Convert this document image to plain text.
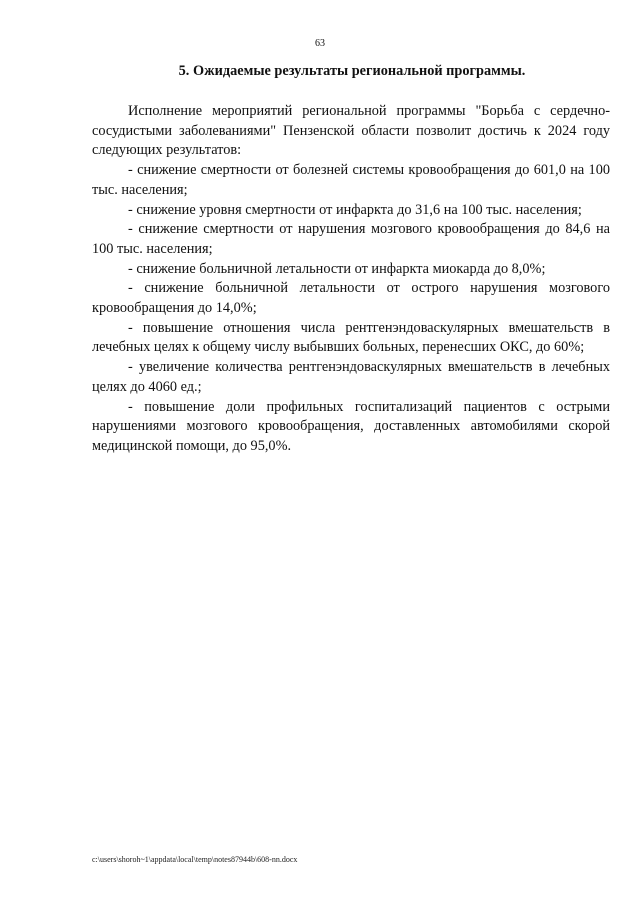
63
5. Ожидаемые результаты региональной программы.

Исполнение мероприятий региональной программы "Борьба с сердечно-сосудистыми заболеваниями" Пензенской области позволит достичь к 2024 году следующих результатов:

- снижение смертности от болезней системы кровообращения до 601,0 на 100 тыс. населения;

- снижение уровня смертности от инфаркта до 31,6 на 100 тыс. населения;

- снижение смертности от нарушения мозгового кровообращения до 84,6 на 100 тыс. населения;

- снижение больничной летальности от инфаркта миокарда до 8,0%;

- снижение больничной летальности от острого нарушения мозгового кровообращения до 14,0%;

- повышение отношения числа рентгенэндоваскулярных вмешательств в лечебных целях к общему числу выбывших больных, перенесших ОКС, до 60%;

- увеличение количества рентгенэндоваскулярных вмешательств в лечебных целях до 4060 ед.;

- повышение доли профильных госпитализаций пациентов с острыми нарушениями мозгового кровообращения, доставленных автомобилями скорой медицинской помощи, до 95,0%.

c:\users\shoroh~1\appdata\local\temp\notes87944b\608-nn.docx
